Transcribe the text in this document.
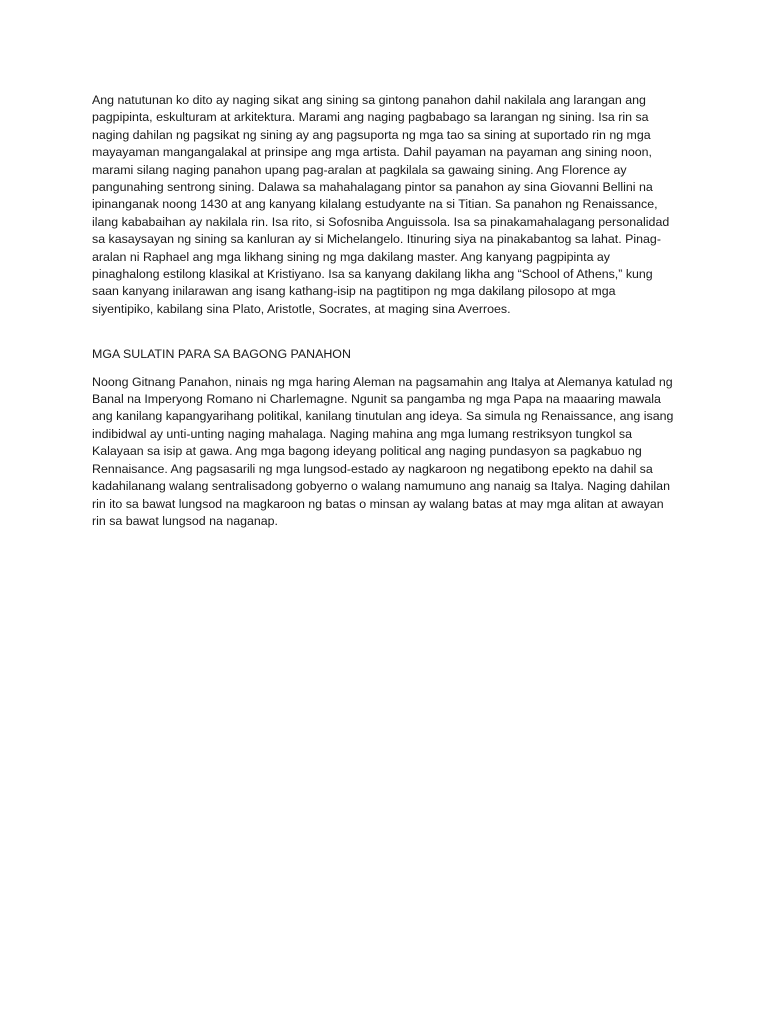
Ang natutunan ko dito ay naging sikat ang sining sa gintong panahon dahil nakilala ang larangan ang
pagpipinta, eskulturam at arkitektura. Marami ang naging pagbabago sa larangan ng sining. Isa rin sa
naging dahilan ng pagsikat ng sining ay ang pagsuporta ng mga tao sa sining at suportado rin ng mga
mayayaman mangangalakal at prinsipe ang mga artista. Dahil payaman na payaman ang sining noon,
marami silang naging panahon upang pag-aralan at pagkilala sa gawaing sining. Ang Florence ay
pangunahing sentrong sining. Dalawa sa mahahalagang pintor sa panahon ay sina Giovanni Bellini na
ipinanganak noong 1430 at ang kanyang kilalang estudyante na si Titian. Sa panahon ng Renaissance,
ilang kababaihan ay nakilala rin. Isa rito, si Sofosniba Anguissola. Isa sa pinakamahalagang personalidad
sa kasaysayan ng sining sa kanluran ay si Michelangelo. Itinuring siya na pinakabantog sa lahat. Pinag-
aralan ni Raphael ang mga likhang sining ng mga dakilang master. Ang kanyang pagpipinta ay
pinaghalong estilong klasikal at Kristiyano. Isa sa kanyang dakilang likha ang “School of Athens,” kung
saan kanyang inilarawan ang isang kathang-isip na pagtitipon ng mga dakilang pilosopo at mga
siyentipiko, kabilang sina Plato, Aristotle, Socrates, at maging sina Averroes.
MGA SULATIN PARA SA BAGONG PANAHON
Noong Gitnang Panahon, ninais ng mga haring Aleman na pagsamahin ang Italya at Alemanya katulad ng
Banal na Imperyong Romano ni Charlemagne. Ngunit sa pangamba ng mga Papa na maaaring mawala
ang kanilang kapangyarihang politikal, kanilang tinutulan ang ideya. Sa simula ng Renaissance, ang isang
indibidwal ay unti-unting naging mahalaga. Naging mahina ang mga lumang restriksyon tungkol sa
Kalayaan sa isip at gawa. Ang mga bagong ideyang political ang naging pundasyon sa pagkabuo ng
Rennaisance. Ang pagsasarili ng mga lungsod-estado ay nagkaroon ng negatibong epekto na dahil sa
kadahilanang walang sentralisadong gobyerno o walang namumuno ang nanaig sa Italya. Naging dahilan
rin ito sa bawat lungsod na magkaroon ng batas o minsan ay walang batas at may mga alitan at awayan
rin sa bawat lungsod na naganap.
